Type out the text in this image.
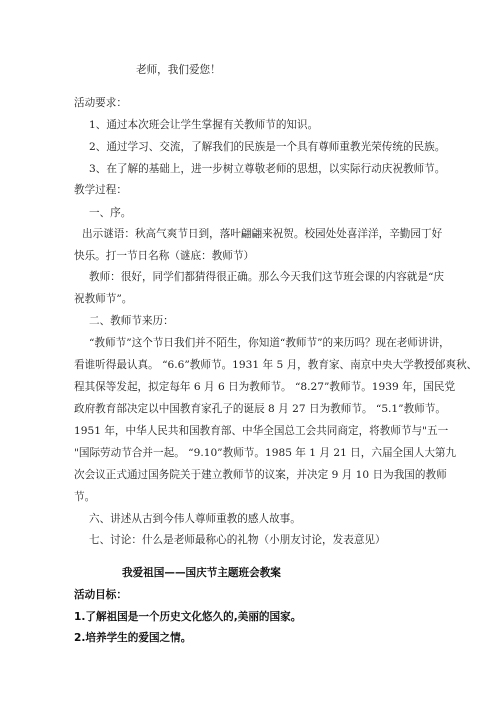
老师，我们爱您！
活动要求：
1、通过本次班会让学生掌握有关教师节的知识。
2、通过学习、交流，了解我们的民族是一个具有尊师重教光荣传统的民族。
3、在了解的基础上，进一步树立尊敬老师的思想，以实际行动庆祝教师节。
教学过程：
一、序。
出示谜语：秋高气爽节日到，落叶翩翩来祝贺。校园处处喜洋洋，辛勤园丁好
快乐。打一节日名称（谜底：教师节）
教师：很好，同学们都猜得很正确。那么今天我们这节班会课的内容就是“庆
祝教师节”。
二、教师节来历：
“教师节”这个节日我们并不陌生，你知道“教师节”的来历吗？现在老师讲讲，
看谁听得最认真。 “6.6”教师节。1931 年 5 月，教育家、南京中央大学教授邰爽秋、
程其保等发起，拟定每年 6 月 6 日为教师节。 “8.27”教师节。1939 年，国民党
政府教育部决定以中国教育家孔子的诞辰 8 月 27 日为教师节。 “5.1”教师节。
1951 年，中华人民共和国教育部、中华全国总工会共同商定，将教师节与"五一
"国际劳动节合并一起。 “9.10”教师节。1985 年 1 月 21 日，六届全国人大第九
次会议正式通过国务院关于建立教师节的议案，并决定 9 月 10 日为我国的教师
节。
六、讲述从古到今伟人尊师重教的感人故事。
七、讨论：什么是老师最称心的礼物（小朋友讨论，发表意见）
我爱祖国——国庆节主题班会教案
活动目标：
1.了解祖国是一个历史文化悠久的,美丽的国家。
2.培养学生的爱国之情。
